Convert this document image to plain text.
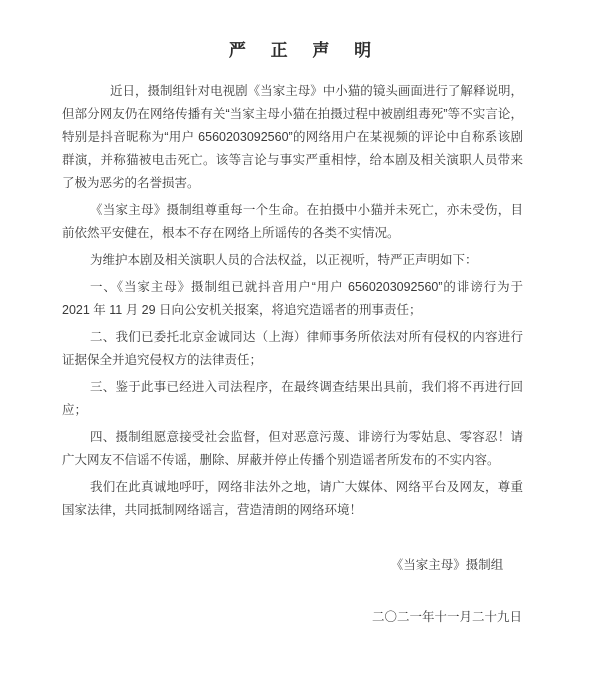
严 正 声 明

近日，摄制组针对电视剧《当家主母》中小猫的镜头画面进行了解释说明，但部分网友仍在网络传播有关“当家主母小猫在拍摄过程中被剧组毒死”等不实言论，特别是抖音昵称为“用户 6560203092560”的网络用户在某视频的评论中自称系该剧群演，并称猫被电击死亡。该等言论与事实严重相悖，给本剧及相关演职人员带来了极为恶劣的名誉损害。

《当家主母》摄制组尊重每一个生命。在拍摄中小猫并未死亡，亦未受伤，目前依然平安健在，根本不存在网络上所谣传的各类不实情况。

为维护本剧及相关演职人员的合法权益，以正视听，特严正声明如下：

一、《当家主母》摄制组已就抖音用户“用户 6560203092560”的诽谤行为于 2021 年 11 月 29 日向公安机关报案，将追究造谣者的刑事责任；

二、我们已委托北京金诚同达（上海）律师事务所依法对所有侵权的内容进行证据保全并追究侵权方的法律责任；

三、鉴于此事已经进入司法程序，在最终调查结果出具前，我们将不再进行回应；

四、摄制组愿意接受社会监督，但对恶意污蔑、诽谤行为零姑息、零容忍！请广大网友不信谣不传谣，删除、屏蔽并停止传播个别造谣者所发布的不实内容。

我们在此真诚地呼吁，网络非法外之地，请广大媒体、网络平台及网友，尊重国家法律，共同抵制网络谣言，营造清朗的网络环境！

《当家主母》摄制组
二〇二一年十一月二十九日
